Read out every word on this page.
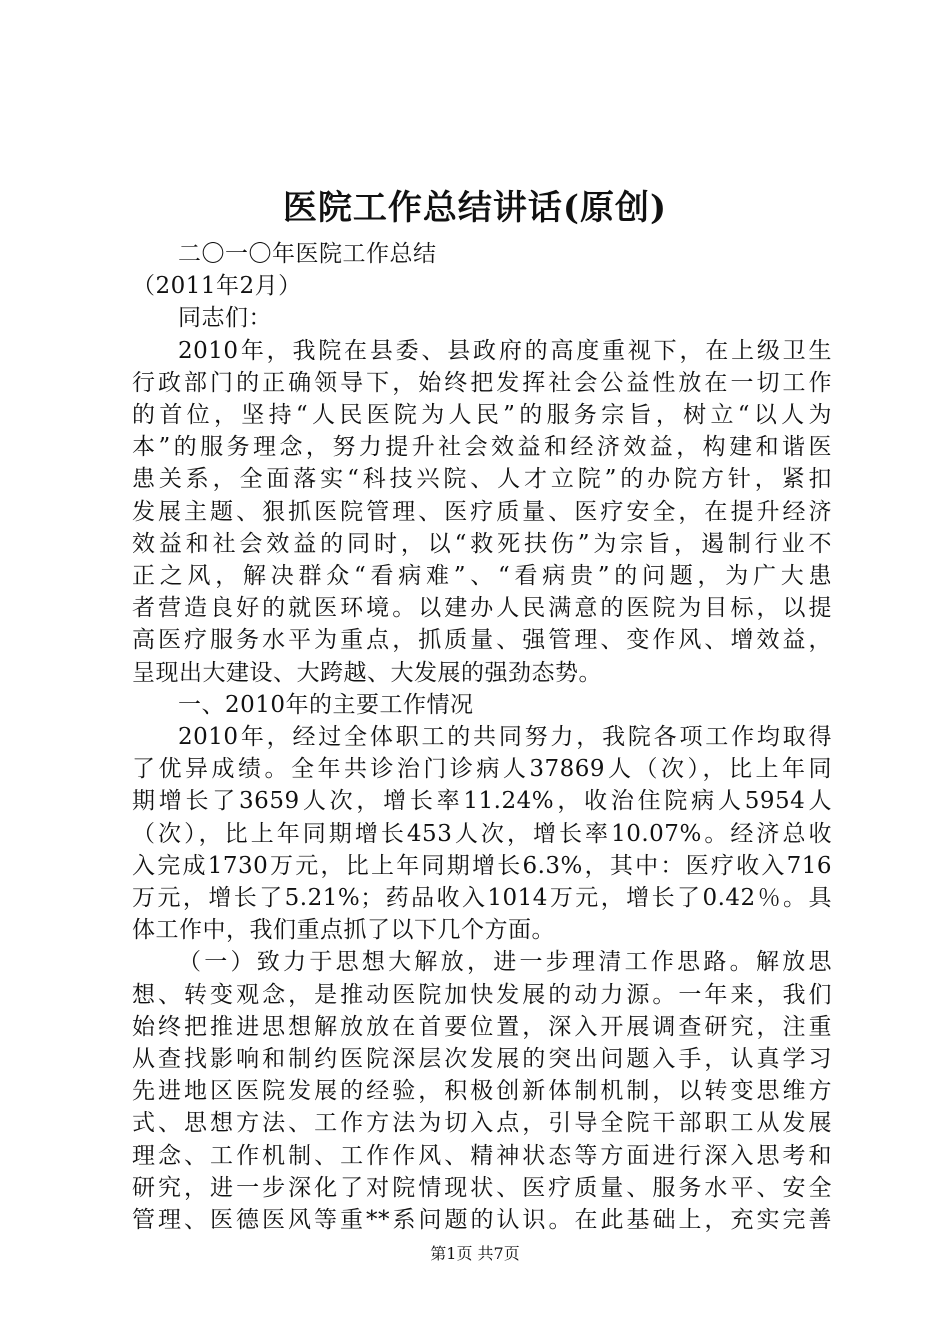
医院工作总结讲话(原创)

二〇一〇年医院工作总结

（2011年2月）

同志们：

2010年，我院在县委、县政府的高度重视下，在上级卫生

行政部门的正确领导下，始终把发挥社会公益性放在一切工作

的首位，坚持“人民医院为人民”的服务宗旨，树立“以人为

本”的服务理念，努力提升社会效益和经济效益，构建和谐医

患关系，全面落实“科技兴院、人才立院”的办院方针，紧扣

发展主题、狠抓医院管理、医疗质量、医疗安全，在提升经济

效益和社会效益的同时，以“救死扶伤”为宗旨，遏制行业不

正之风，解决群众“看病难”、“看病贵”的问题，为广大患

者营造良好的就医环境。以建办人民满意的医院为目标，以提

高医疗服务水平为重点，抓质量、强管理、变作风、增效益，

呈现出大建设、大跨越、大发展的强劲态势。

一、2010年的主要工作情况

2010年，经过全体职工的共同努力，我院各项工作均取得

了优异成绩。全年共诊治门诊病人37869人（次），比上年同

期增长了3659人次，增长率11.24%，收治住院病人5954人

（次），比上年同期增长453人次，增长率10.07%。经济总收

入完成1730万元，比上年同期增长6.3%，其中：医疗收入716

万元，增长了5.21%；药品收入1014万元，增长了0.42％。具

体工作中，我们重点抓了以下几个方面。

（一）致力于思想大解放，进一步理清工作思路。解放思

想、转变观念，是推动医院加快发展的动力源。一年来，我们

始终把推进思想解放放在首要位置，深入开展调查研究，注重

从查找影响和制约医院深层次发展的突出问题入手，认真学习

先进地区医院发展的经验，积极创新体制机制，以转变思维方

式、思想方法、工作方法为切入点，引导全院干部职工从发展

理念、工作机制、工作作风、精神状态等方面进行深入思考和

研究，进一步深化了对院情现状、医疗质量、服务水平、安全

管理、医德医风等重**系问题的认识。在此基础上，充实完善

第1页 共7页
